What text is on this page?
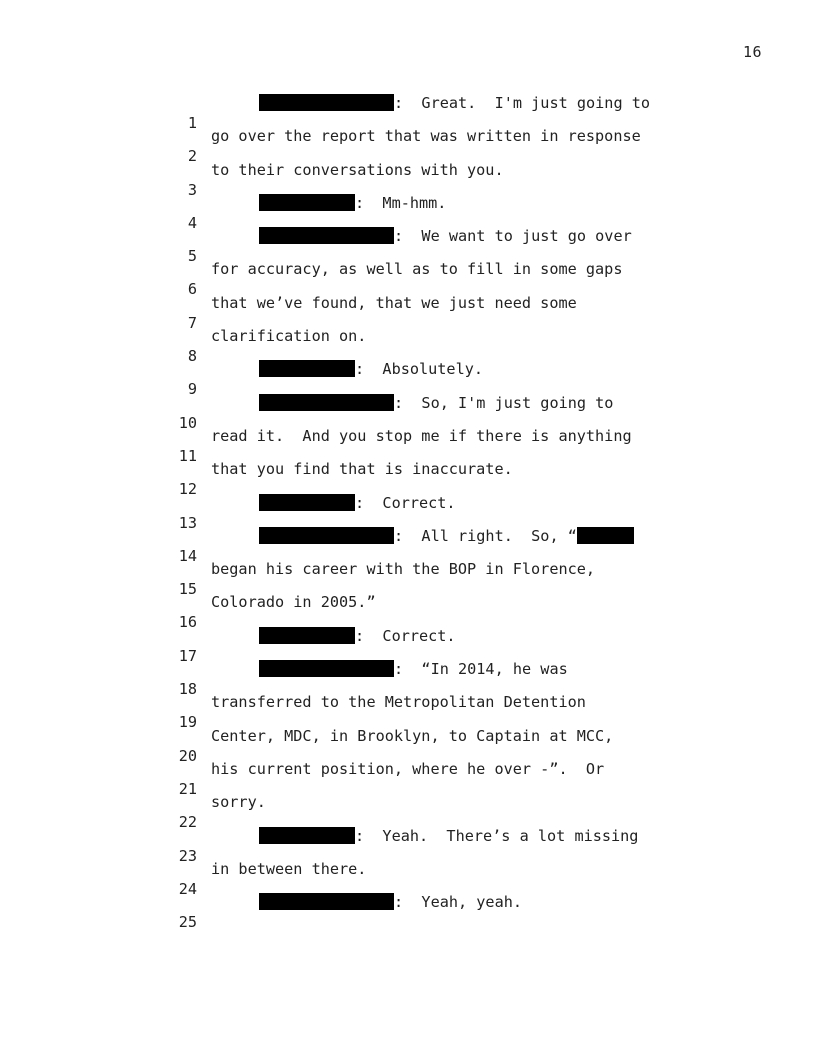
16

1

:  Great.  I'm just going to

2

go over the report that was written in response

3

to their conversations with you.

4

:  Mm-hmm.

5

:  We want to just go over

6

for accuracy, as well as to fill in some gaps

7

that we’ve found, that we just need some

8

clarification on.

9

:  Absolutely.

10

:  So, I'm just going to

11

read it.  And you stop me if there is anything

12

that you find that is inaccurate.

13

:  Correct.

14

:  All right.  So, “

15

began his career with the BOP in Florence,

16

Colorado in 2005.”

17

:  Correct.

18

:  “In 2014, he was

19

transferred to the Metropolitan Detention

20

Center, MDC, in Brooklyn, to Captain at MCC,

21

his current position, where he over -”.  Or

22

sorry.

23

:  Yeah.  There’s a lot missing

24

in between there.

25

:  Yeah, yeah.
